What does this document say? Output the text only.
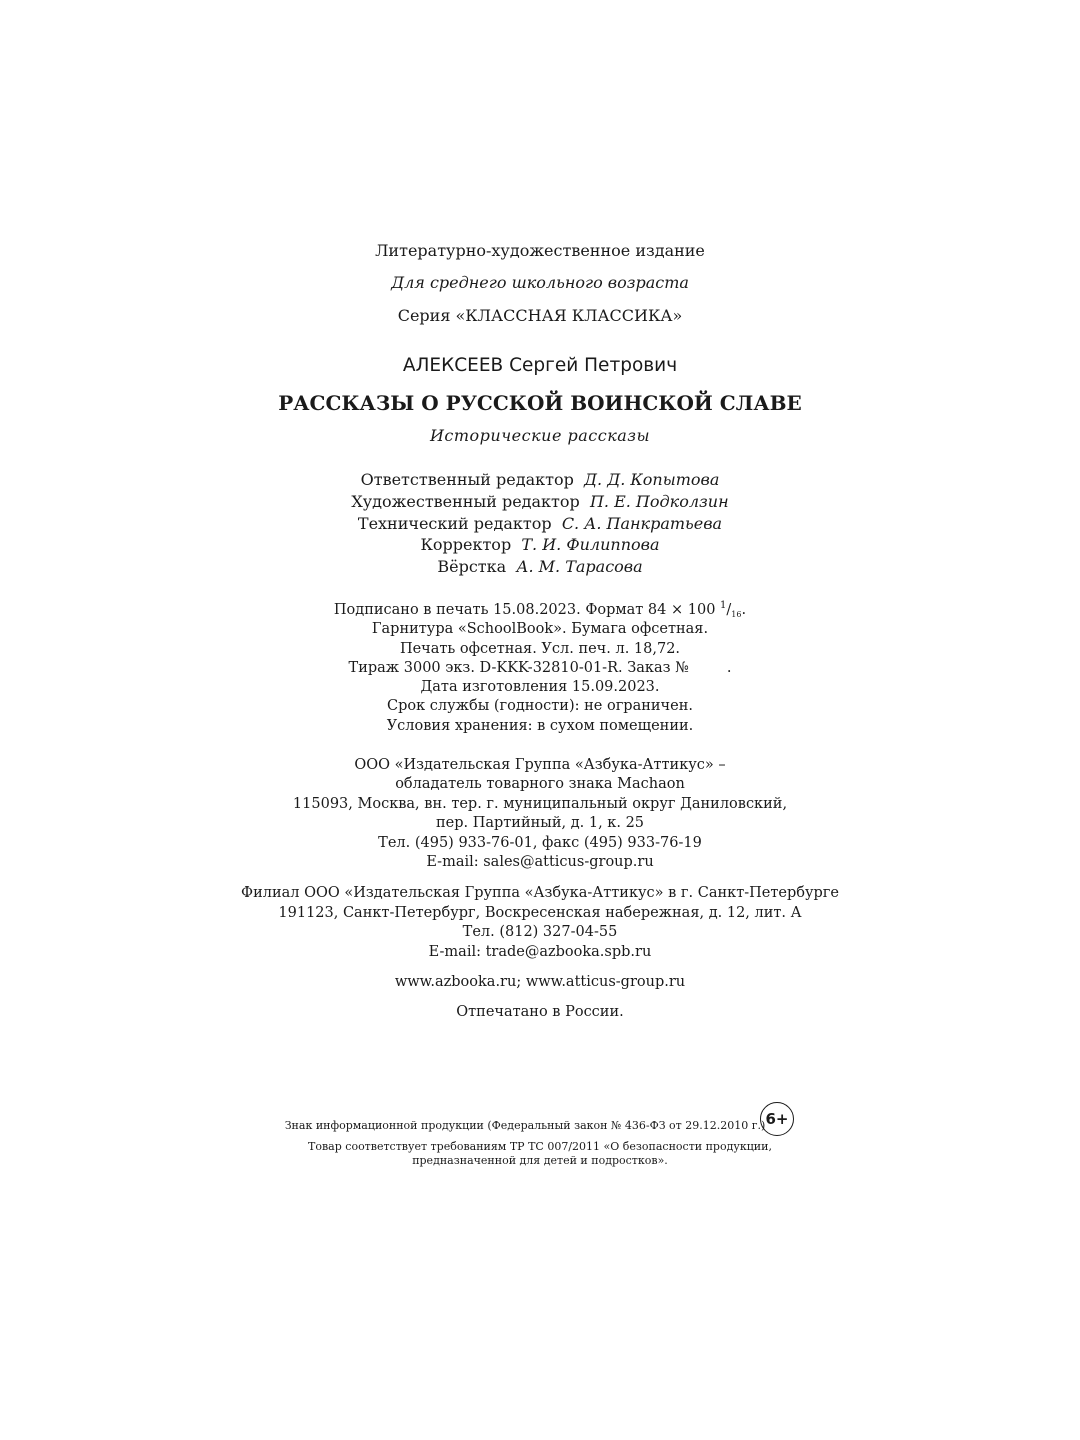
Литературно-художественное издание
Для среднего школьного возраста
Серия «КЛАССНАЯ КЛАССИКА»
АЛЕКСЕЕВ Сергей Петрович
РАССКАЗЫ О РУССКОЙ ВОИНСКОЙ СЛАВЕ
Исторические рассказы
Ответственный редактор Д. Д. Копытова
Художественный редактор П. Е. Подколзин
Технический редактор С. А. Панкратьева
Корректор Т. И. Филиппова
Вёрстка А. М. Тарасова
Подписано в печать 15.08.2023. Формат 84 × 100 $^1/_{16}$.
Гарнитура «SchoolBook». Бумага офсетная.
Печать офсетная. Усл. печ. л. 18,72.
Тираж 3000 экз. D-KKK-32810-01-R. Заказ №	.
Дата изготовления 15.09.2023.
Срок службы (годности): не ограничен.
Условия хранения: в сухом помещении.
ООО «Издательская Группа «Азбука-Аттикус» –
обладатель товарного знака Machaon
115093, Москва, вн. тер. г. муниципальный округ Даниловский,
пер. Партийный, д. 1, к. 25
Тел. (495) 933-76-01, факс (495) 933-76-19
E-mail: sales@atticus-group.ru
Филиал ООО «Издательская Группа «Азбука-Аттикус» в г. Санкт-Петербурге
191123, Санкт-Петербург, Воскресенская набережная, д. 12, лит. А
Тел. (812) 327-04-55
E-mail: trade@azbooka.spb.ru
www.azbooka.ru; www.atticus-group.ru
Отпечатано в России.
Знак информационной продукции (Федеральный закон № 436-ФЗ от 29.12.2010 г.) 6+
Товар соответствует требованиям ТР ТС 007/2011 «О безопасности продукции,
предназначенной для детей и подростков».
